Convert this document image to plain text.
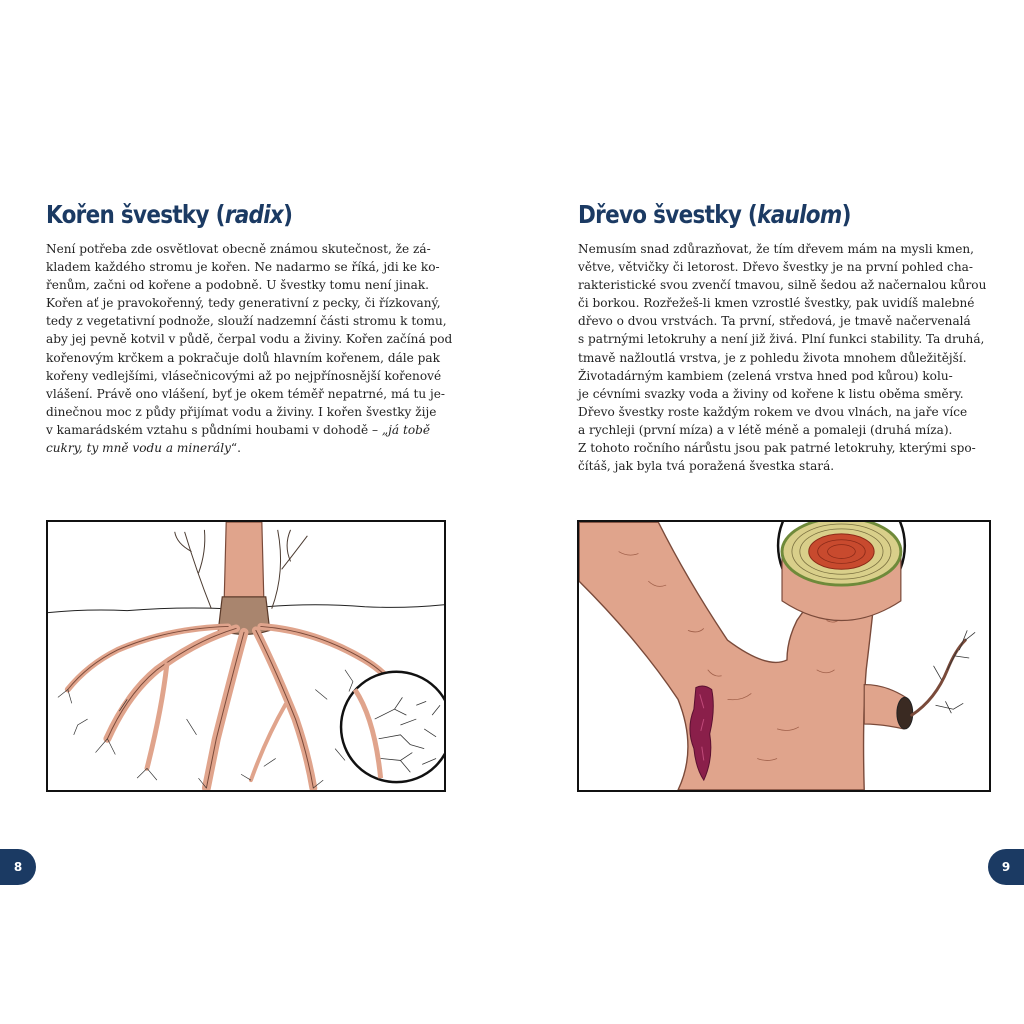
Kořen švestky (radix)
Není potřeba zde osvětlovat obecně známou skutečnost, že zá-
kladem každého stromu je kořen. Ne nadarmo se říká, jdi ke ko-
řenům, začni od kořene a podobně. U švestky tomu není jinak.
Kořen ať je pravokořenný, tedy generativní z pecky, či řízkovaný,
tedy z vegetativní podnože, slouží nadzemní části stromu k tomu,
aby jej pevně kotvil v půdě, čerpal vodu a živiny. Kořen začíná pod
kořenovým krčkem a pokračuje dolů hlavním kořenem, dále pak
kořeny vedlejšími, vlásečnicovými až po nejpřínosnější kořenové
vlášení. Právě ono vlášení, byť je okem téměř nepatrné, má tu je-
dinečnou moc z půdy přijímat vodu a živiny. I kořen švestky žije
v kamarádském vztahu s půdními houbami v dohodě – „já tobě
cukry, ty mně vodu a minerály“.
8
Dřevo švestky (kaulom)
Nemusím snad zdůrazňovat, že tím dřevem mám na mysli kmen,
větve, větvičky či letorost. Dřevo švestky je na první pohled cha-
rakteristické svou zvenčí tmavou, silně šedou až načernalou kůrou
či borkou. Rozřežeš-li kmen vzrostlé švestky, pak uvidíš malebné
dřevo o dvou vrstvách. Ta první, středová, je tmavě načervenalá
s patrnými letokruhy a není již živá. Plní funkci stability. Ta druhá,
tmavě nažloutlá vrstva, je z pohledu života mnohem důležitější.
Životadárným kambiem (zelená vrstva hned pod kůrou) kolu-
je cévními svazky voda a živiny od kořene k listu oběma směry.
Dřevo švestky roste každým rokem ve dvou vlnách, na jaře více
a rychleji (první míza) a v létě méně a pomaleji (druhá míza).
Z tohoto ročního nárůstu jsou pak patrné letokruhy, kterými spo-
čítáš, jak byla tvá poražená švestka stará.
9
